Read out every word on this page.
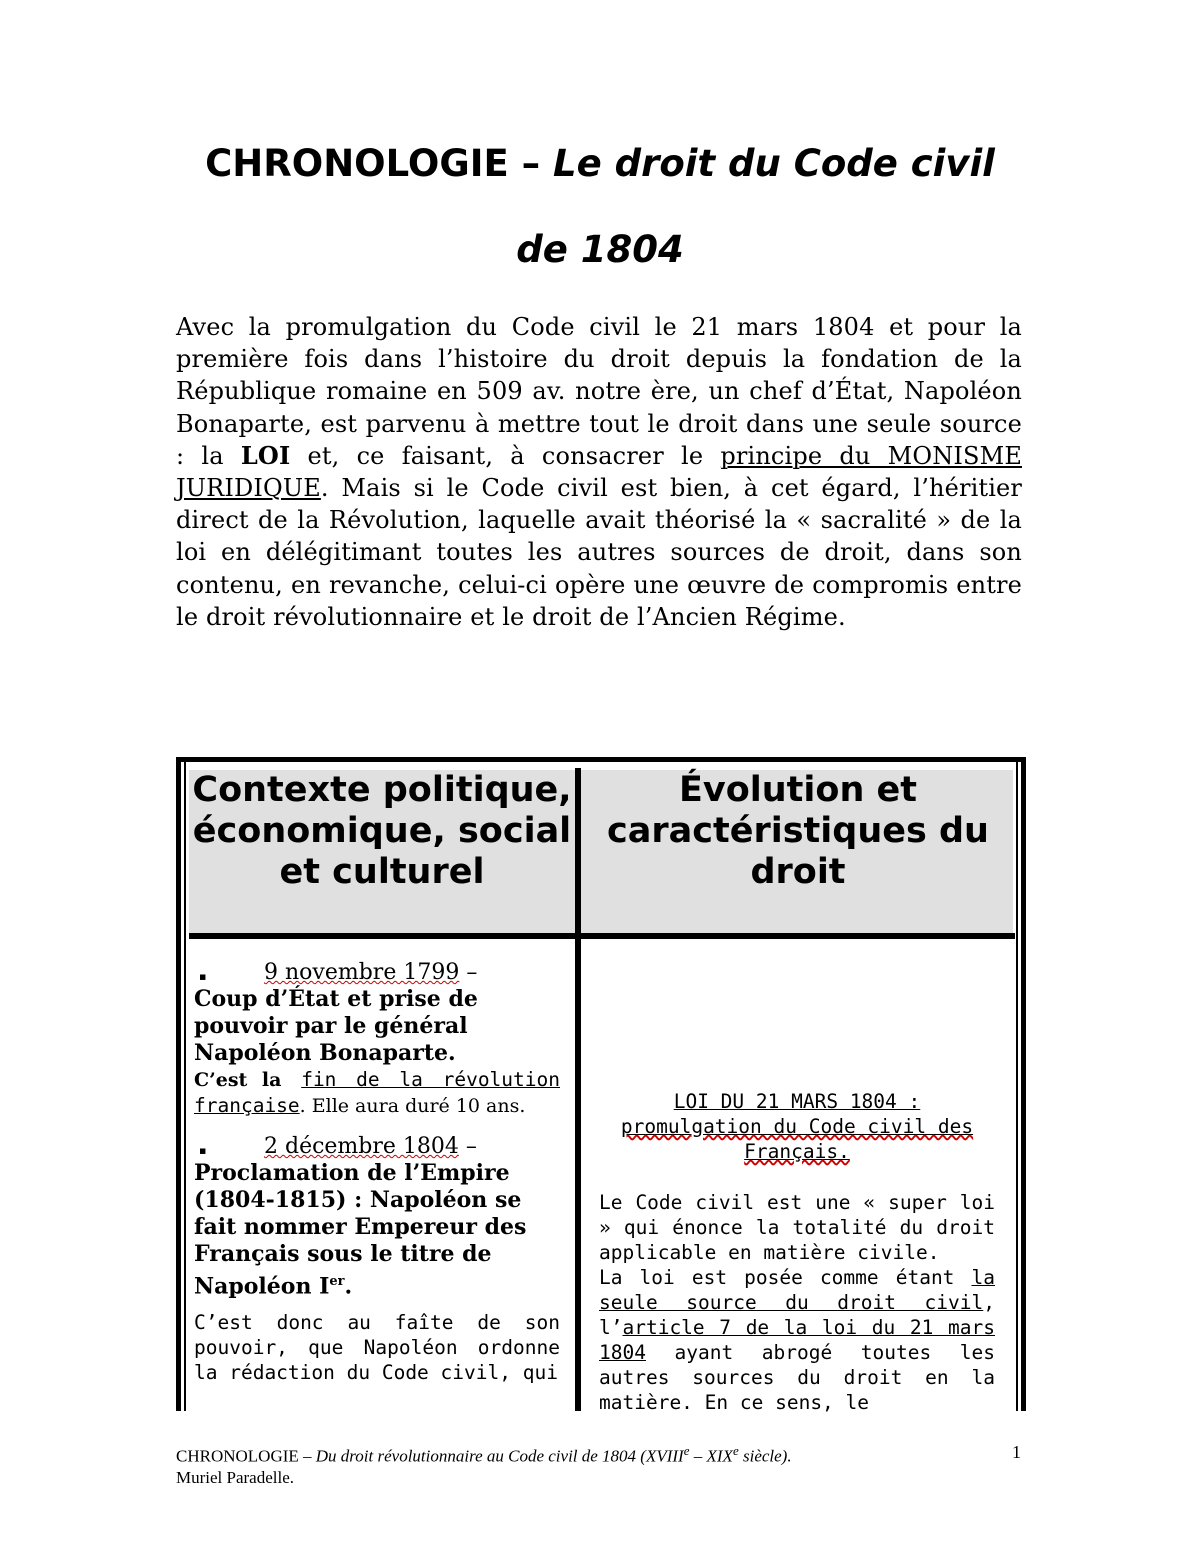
CHRONOLOGIE – Le droit du Code civil
de 1804
Avec la promulgation du Code civil le 21 mars 1804 et pour la première fois dans l’histoire du droit depuis la fondation de la République romaine en 509 av. notre ère, un chef d’État, Napoléon Bonaparte, est parvenu à mettre tout le droit dans une seule source : la LOI et, ce faisant, à consacrer le principe du MONISME JURIDIQUE. Mais si le Code civil est bien, à cet égard, l’héritier direct de la Révolution, laquelle avait théorisé la « sacralité » de la loi en délégitimant toutes les autres sources de droit, dans son contenu, en revanche, celui-ci opère une œuvre de compromis entre le droit révolutionnaire et le droit de l’Ancien Régime.
Contexte politique, économique, social et culturel
Évolution et caractéristiques du droit
▪	9 novembre 1799 –
Coup d’État et prise de pouvoir par le général Napoléon Bonaparte.
C’est la fin de la révolution française. Elle aura duré 10 ans.
▪	2 décembre 1804 –
Proclamation de l’Empire (1804-1815) : Napoléon se fait nommer Empereur des Français sous le titre de Napoléon Ier.
C’est donc au faîte de son pouvoir, que Napoléon ordonne la rédaction du Code civil, qui
LOI DU 21 MARS 1804 :
promulgation du Code civil des Français.
Le Code civil est une « super loi » qui énonce la totalité du droit applicable en matière civile.
La loi est posée comme étant la seule source du droit civil, l’article 7 de la loi du 21 mars 1804 ayant abrogé toutes les autres sources du droit en la matière. En ce sens, le
CHRONOLOGIE – Du droit révolutionnaire au Code civil de 1804 (XVIIIe – XIXe siècle).
Muriel Paradelle.
1
